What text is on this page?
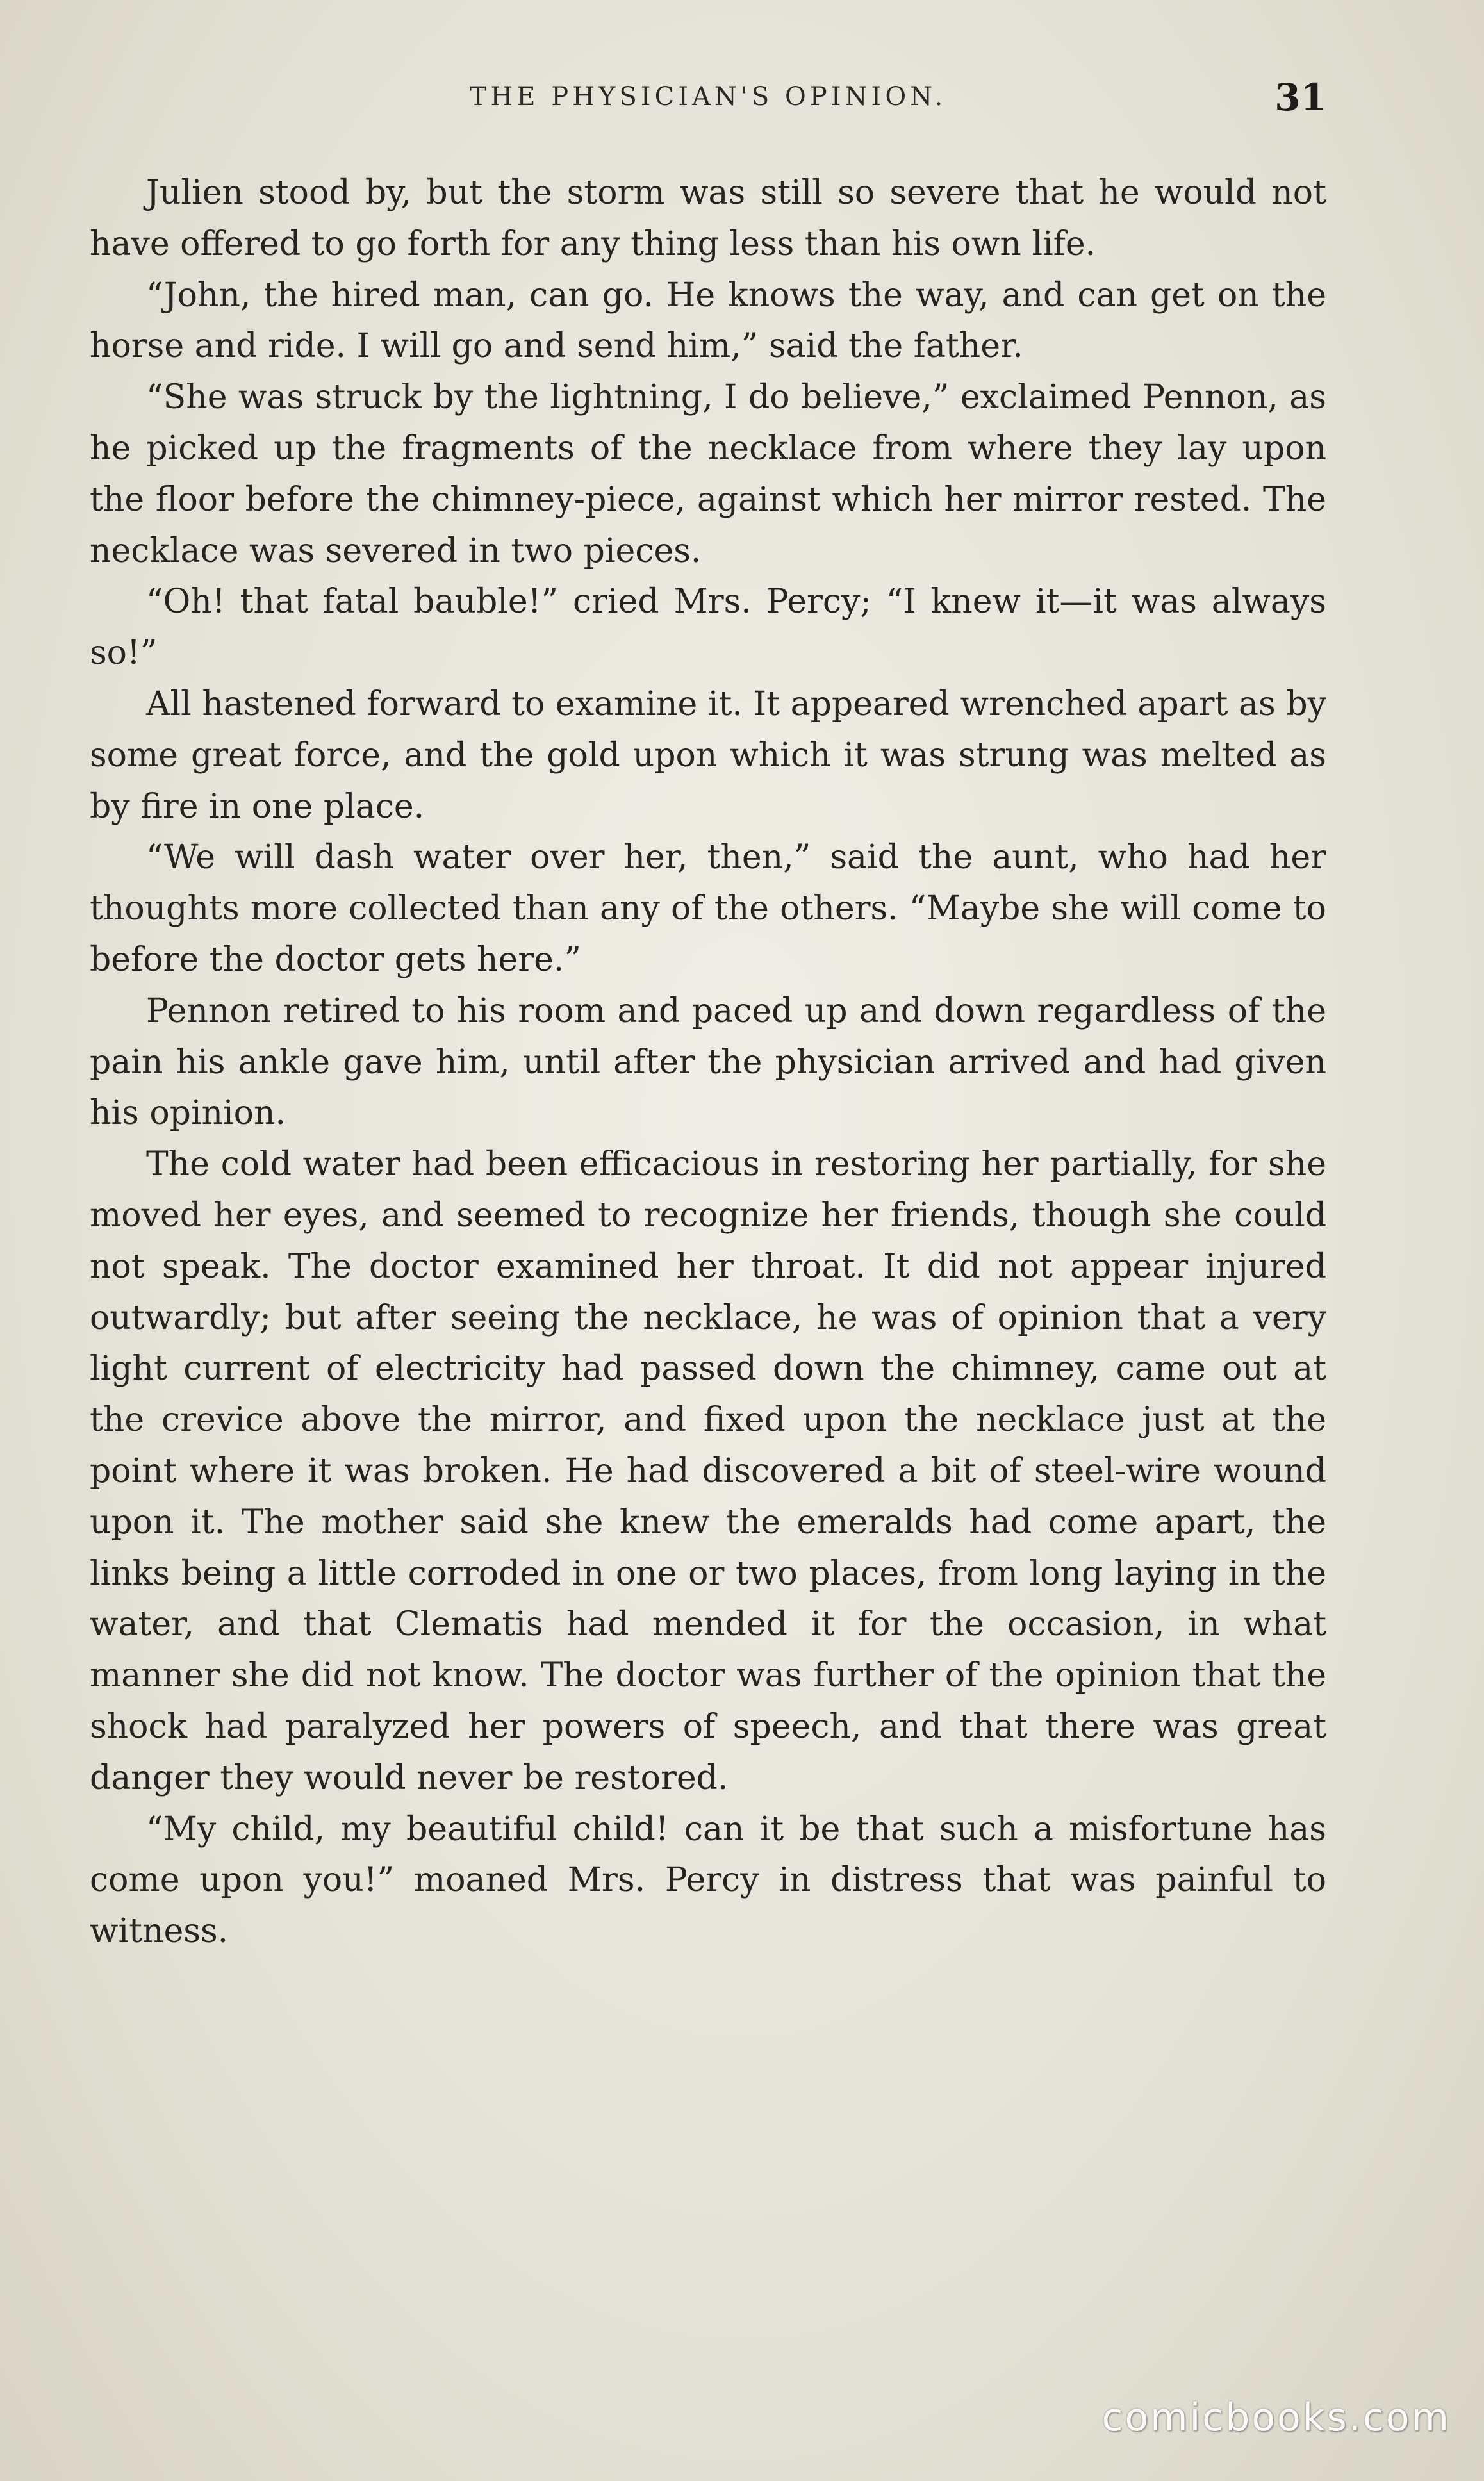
THE PHYSICIAN'S OPINION.	31

Julien stood by, but the storm was still so severe that he would not have offered to go forth for any thing less than his own life.

“John, the hired man, can go. He knows the way, and can get on the horse and ride. I will go and send him,” said the father.

“She was struck by the lightning, I do believe,” exclaimed Pennon, as he picked up the fragments of the necklace from where they lay upon the floor before the chimney-piece, against which her mirror rested. The necklace was severed in two pieces.

“Oh! that fatal bauble!” cried Mrs. Percy; “I knew it—it was always so!”

All hastened forward to examine it. It appeared wrenched apart as by some great force, and the gold upon which it was strung was melted as by fire in one place.

“We will dash water over her, then,” said the aunt, who had her thoughts more collected than any of the others. “Maybe she will come to before the doctor gets here.”

Pennon retired to his room and paced up and down regardless of the pain his ankle gave him, until after the physician arrived and had given his opinion.

The cold water had been efficacious in restoring her partially, for she moved her eyes, and seemed to recognize her friends, though she could not speak. The doctor examined her throat. It did not appear injured outwardly; but after seeing the necklace, he was of opinion that a very light current of electricity had passed down the chimney, came out at the crevice above the mirror, and fixed upon the necklace just at the point where it was broken. He had discovered a bit of steel-wire wound upon it. The mother said she knew the emeralds had come apart, the links being a little corroded in one or two places, from long laying in the water, and that Clematis had mended it for the occasion, in what manner she did not know. The doctor was further of the opinion that the shock had paralyzed her powers of speech, and that there was great danger they would never be restored.

“My child, my beautiful child! can it be that such a misfortune has come upon you!” moaned Mrs. Percy in distress that was painful to witness.

comicbooks.com
